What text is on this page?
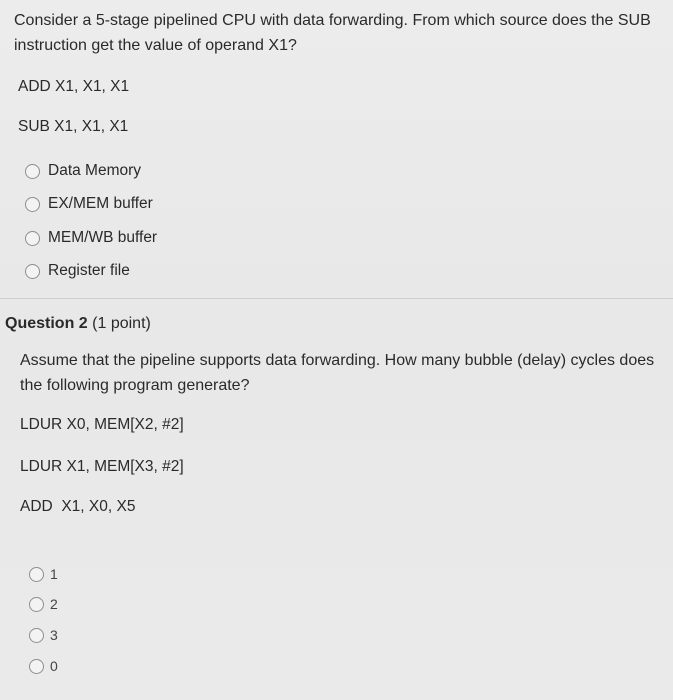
Consider a 5-stage pipelined CPU with data forwarding. From which source does the SUB instruction get the value of operand X1?

ADD X1, X1, X1

SUB X1, X1, X1

Data Memory
EX/MEM buffer
MEM/WB buffer
Register file
Question 2 (1 point)

Assume that the pipeline supports data forwarding. How many bubble (delay) cycles does the following program generate?

LDUR X0, MEM[X2, #2]

LDUR X1, MEM[X3, #2]

ADD  X1, X0, X5

1
2
3
0
